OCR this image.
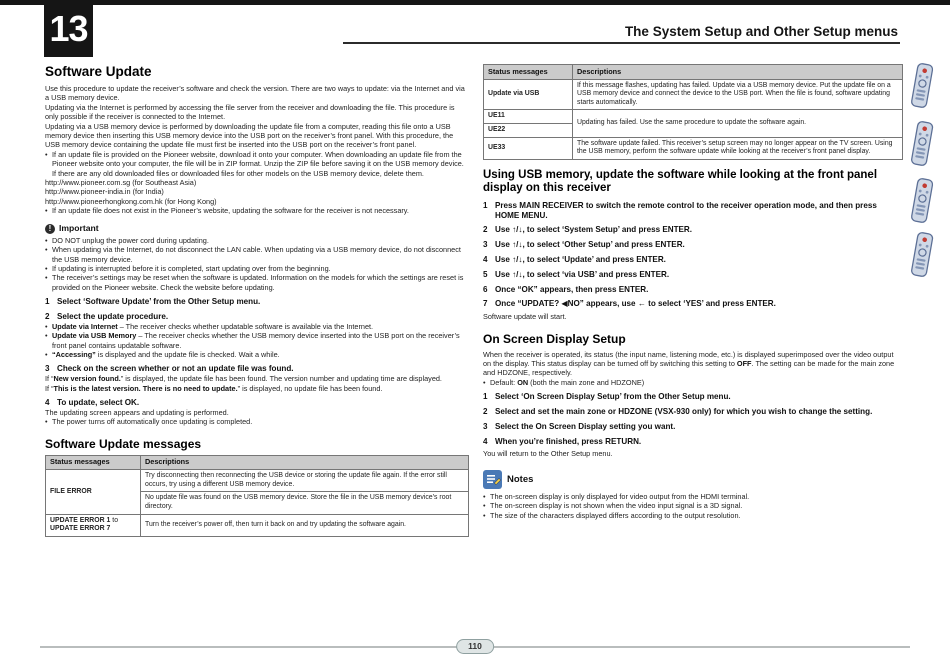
13	The System Setup and Other Setup menus
Software Update

Use this procedure to update the receiver’s software and check the version. There are two ways to update: via the Internet and via a USB memory device.

Updating via the Internet is performed by accessing the file server from the receiver and downloading the file. This procedure is only possible if the receiver is connected to the Internet.

Updating via a USB memory device is performed by downloading the update file from a computer, reading this file onto a USB memory device then inserting this USB memory device into the USB port on the receiver’s front panel. With this procedure, the USB memory device containing the update file must first be inserted into the USB port on the receiver’s front panel.

• If an update file is provided on the Pioneer website, download it onto your computer. When downloading an update file from the Pioneer website onto your computer, the file will be in ZIP format. Unzip the ZIP file before saving it on the USB memory device. If there are any old downloaded files or downloaded files for other models on the USB memory device, delete them.

http://www.pioneer.com.sg (for Southeast Asia)

http://www.pioneer-india.in (for India)

http://www.pioneerhongkong.com.hk (for Hong Kong)

• If an update file does not exist in the Pioneer’s website, updating the software for the receiver is not necessary.
! Important
• DO NOT unplug the power cord during updating.
• When updating via the Internet, do not disconnect the LAN cable. When updating via a USB memory device, do not disconnect the USB memory device.
• If updating is interrupted before it is completed, start updating over from the beginning.
• The receiver’s settings may be reset when the software is updated. Information on the models for which the settings are reset is provided on the Pioneer website. Check the website before updating.
1 Select ‘Software Update’ from the Other Setup menu.
2 Select the update procedure.
• Update via Internet – The receiver checks whether updatable software is available via the Internet.
• Update via USB Memory – The receiver checks whether the USB memory device inserted into the USB port on the receiver’s front panel contains updatable software.
• “Accessing” is displayed and the update file is checked. Wait a while.
3 Check on the screen whether or not an update file was found.

If “New version found.” is displayed, the update file has been found. The version number and updating time are displayed.

If “This is the latest version. There is no need to update.” is displayed, no update file has been found.

4 To update, select OK.

The updating screen appears and updating is performed.

• The power turns off automatically once updating is completed.
Software Update messages
Status messages	Descriptions
FILE ERROR	Try disconnecting then reconnecting the USB device or storing the update file again. If the error still occurs, try using a different USB memory device.
	No update file was found on the USB memory device. Store the file in the USB memory device’s root directory.
UPDATE ERROR 1 to
UPDATE ERROR 7	Turn the receiver’s power off, then turn it back on and try updating the software again.
Status messages	Descriptions
Update via USB	If this message flashes, updating has failed. Update via a USB memory device. Put the update file on a USB memory device and connect the device to the USB port. When the file is found, software updating starts automatically.
UE11	Updating has failed. Use the same procedure to update the software again.
UE22	
UE33	The software update failed. This receiver’s setup screen may no longer appear on the TV screen. Using the USB memory, perform the software update while looking at the receiver’s front panel display.
Using USB memory, update the software while looking at the front panel display on this receiver
1 Press MAIN RECEIVER to switch the remote control to the receiver operation mode, and then press HOME MENU.
2 Use ↑/↓, to select ‘System Setup’ and press ENTER.
3 Use ↑/↓, to select ‘Other Setup’ and press ENTER.
4 Use ↑/↓, to select ‘Update’ and press ENTER.
5 Use ↑/↓, to select ‘via USB’ and press ENTER.
6 Once “OK” appears, then press ENTER.
7 Once “UPDATE? ◀NO” appears, use ← to select ‘YES’ and press ENTER.

Software update will start.

On Screen Display Setup

When the receiver is operated, its status (the input name, listening mode, etc.) is displayed superimposed over the video output on the display. This status display can be turned off by switching this setting to OFF. The setting can be made for the main zone and HDZONE, respectively.

• Default: ON (both the main zone and HDZONE)
1 Select ‘On Screen Display Setup’ from the Other Setup menu.
2 Select and set the main zone or HDZONE (VSX-930 only) for which you wish to change the setting.
3 Select the On Screen Display setting you want.
4 When you’re finished, press RETURN.

You will return to the Other Setup menu.

Notes
• The on-screen display is only displayed for video output from the HDMI terminal.
• The on-screen display is not shown when the video input signal is a 3D signal.
• The size of the characters displayed differs according to the output resolution.
110
